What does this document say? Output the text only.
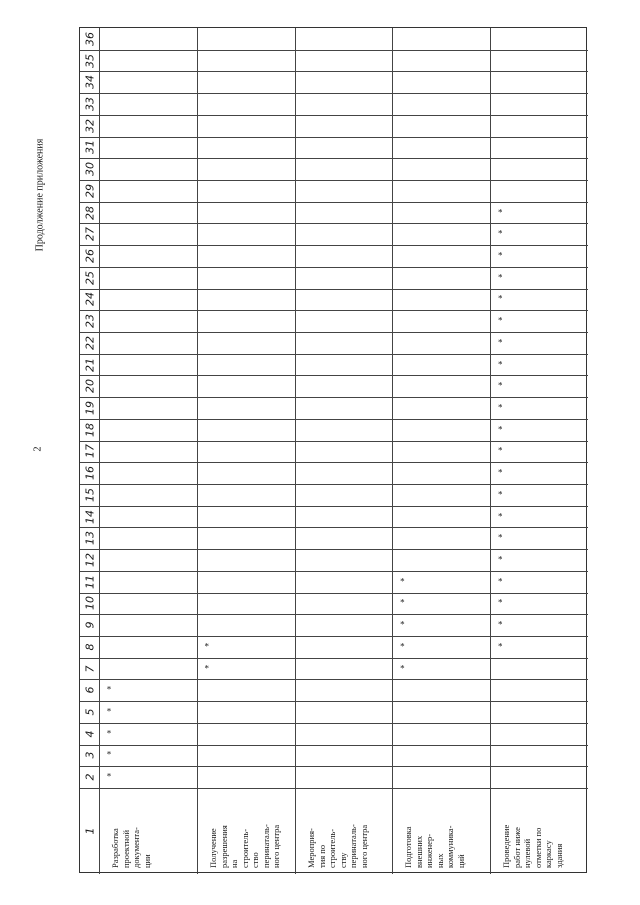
2
Продолжение приложения
1
2
3
4
5
6
7
8
9
10
11
12
13
14
15
16
17
18
19
20
21
22
23
24
25
26
27
28
29
30
31
32
33
34
35
36
Разработка
проектной
документа-
ции
*
*
*
*
*
Получение
разрешения
на
строитель-
ство
перинаталь-
ного центра
*
*
Мероприя-
тия по
строитель-
ству
перинаталь-
ного центра	Подготовка
внешних
инженер-
ных
коммуника-
ций
*
*
*
*
*
Проведение
работ ниже
нулевой
отметки по
каркасу
здания
*
*
*
*
*
*
*
*
*
*
*
*
*
*
*
*
*
*
*
*
*
